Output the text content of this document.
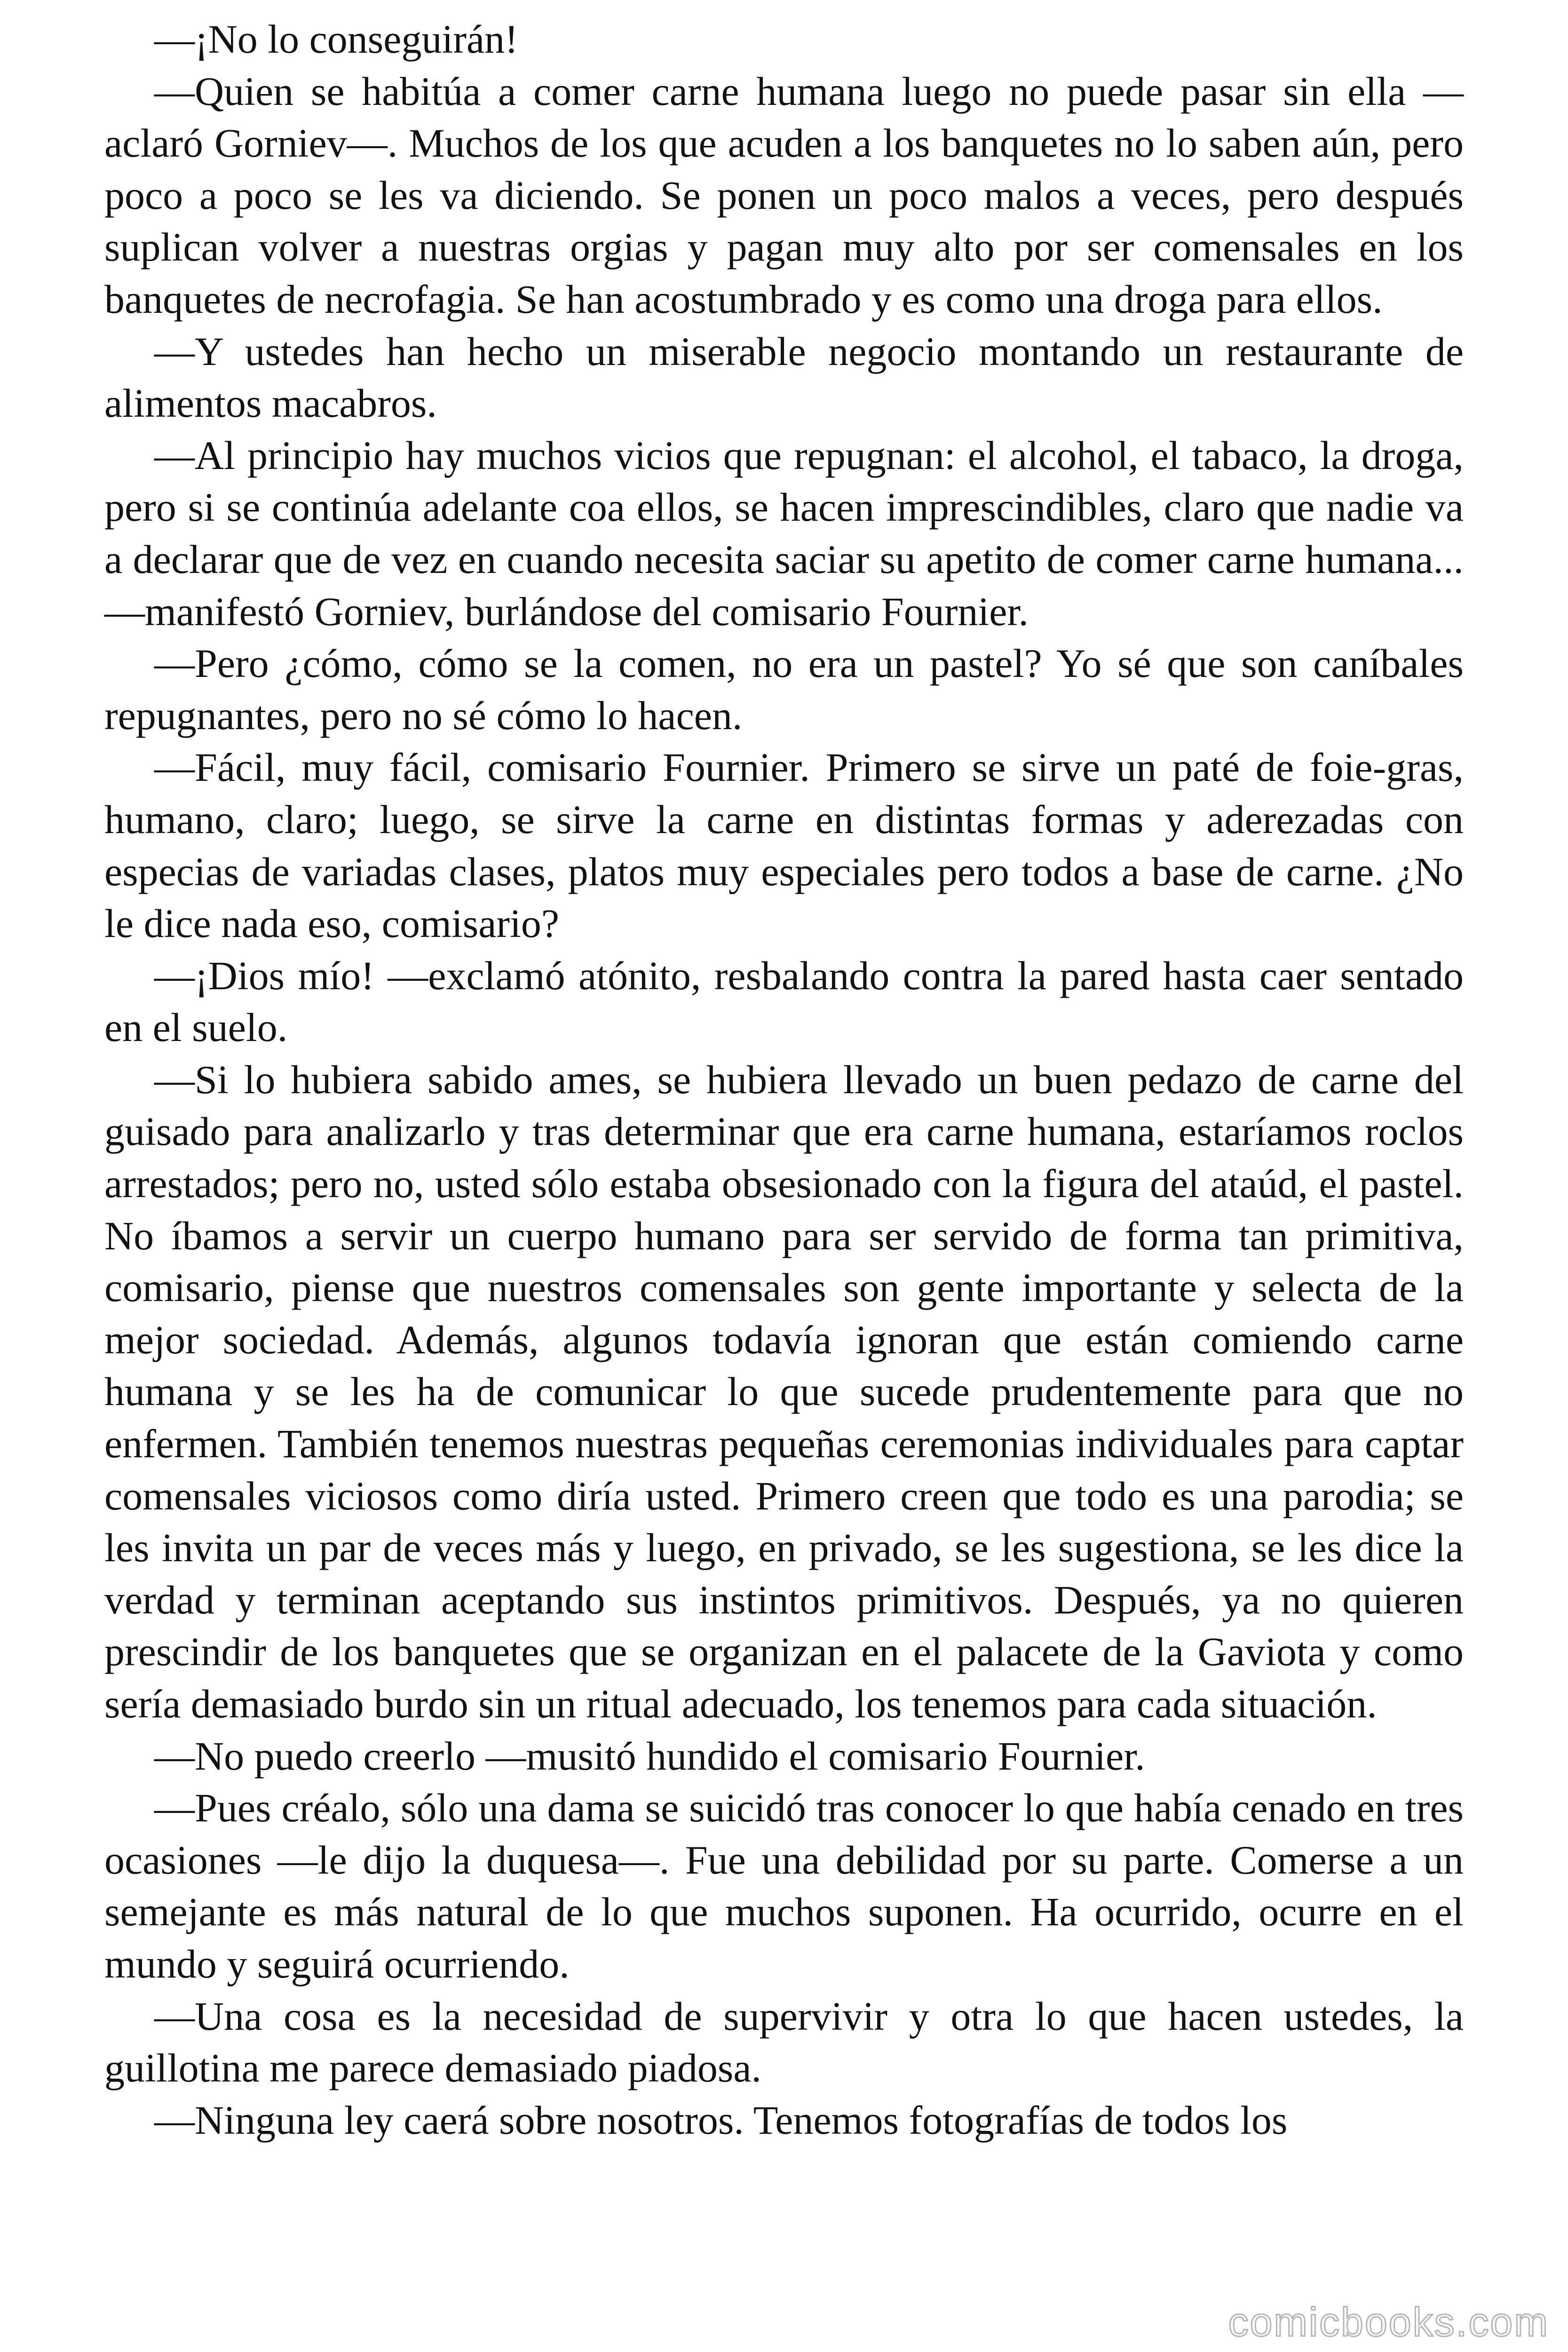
—¡No lo conseguirán!

—Quien se habitúa a comer carne humana luego no puede pasar sin ella —aclaró Gorniev—. Muchos de los que acuden a los banquetes no lo saben aún, pero poco a poco se les va diciendo. Se ponen un poco malos a veces, pero después suplican volver a nuestras orgias y pagan muy alto por ser comensales en los banquetes de necrofagia. Se han acostumbrado y es como una droga para ellos.

—Y ustedes han hecho un miserable negocio montando un restaurante de alimentos macabros.

—Al principio hay muchos vicios que repugnan: el alcohol, el tabaco, la droga, pero si se continúa adelante coa ellos, se hacen imprescindibles, claro que nadie va a declarar que de vez en cuando necesita saciar su apetito de comer carne humana... —manifestó Gorniev, burlándose del comisario Fournier.

—Pero ¿cómo, cómo se la comen, no era un pastel? Yo sé que son caníbales repugnantes, pero no sé cómo lo hacen.

—Fácil, muy fácil, comisario Fournier. Primero se sirve un paté de foie-gras, humano, claro; luego, se sirve la carne en distintas formas y aderezadas con especias de variadas clases, platos muy especiales pero todos a base de carne. ¿No le dice nada eso, comisario?

—¡Dios mío! —exclamó atónito, resbalando contra la pared hasta caer sentado en el suelo.

—Si lo hubiera sabido ames, se hubiera llevado un buen pedazo de carne del guisado para analizarlo y tras determinar que era carne humana, estaríamos roclos arrestados; pero no, usted sólo estaba obsesionado con la figura del ataúd, el pastel. No íbamos a servir un cuerpo humano para ser servido de forma tan primitiva, comisario, piense que nuestros comensales son gente importante y selecta de la mejor sociedad. Además, algunos todavía ignoran que están comiendo carne humana y se les ha de comunicar lo que sucede prudentemente para que no enfermen. También tenemos nuestras pequeñas ceremonias individuales para captar comensales viciosos como diría usted. Primero creen que todo es una parodia; se les invita un par de veces más y luego, en privado, se les sugestiona, se les dice la verdad y terminan aceptando sus instintos primitivos. Después, ya no quieren prescindir de los banquetes que se organizan en el palacete de la Gaviota y como sería demasiado burdo sin un ritual adecuado, los tenemos para cada situación.

—No puedo creerlo —musitó hundido el comisario Fournier.

—Pues créalo, sólo una dama se suicidó tras conocer lo que había cenado en tres ocasiones —le dijo la duquesa—. Fue una debilidad por su parte. Comerse a un semejante es más natural de lo que muchos suponen. Ha ocurrido, ocurre en el mundo y seguirá ocurriendo.

—Una cosa es la necesidad de supervivir y otra lo que hacen ustedes, la guillotina me parece demasiado piadosa.

—Ninguna ley caerá sobre nosotros. Tenemos fotografías de todos los

comicbooks.com
